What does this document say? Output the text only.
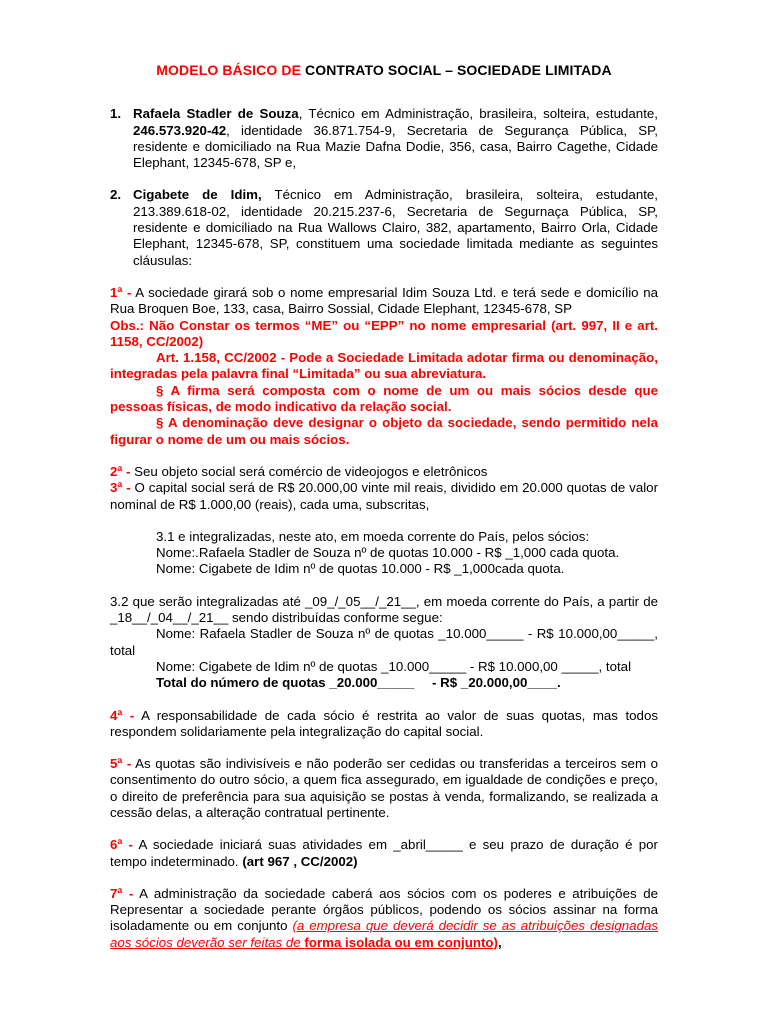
MODELO BÁSICO DE CONTRATO SOCIAL – SOCIEDADE LIMITADA
1. Rafaela Stadler de Souza, Técnico em Administração, brasileira, solteira, estudante, 246.573.920-42, identidade 36.871.754-9, Secretaria de Segurança Pública, SP, residente e domiciliado na Rua Mazie Dafna Dodie, 356, casa, Bairro Cagethe, Cidade Elephant, 12345-678, SP e,
2. Cigabete de Idim, Técnico em Administração, brasileira, solteira, estudante, 213.389.618-02, identidade 20.215.237-6, Secretaria de Segurnaça Pública, SP, residente e domiciliado na Rua Wallows Clairo, 382, apartamento, Bairro Orla, Cidade Elephant, 12345-678, SP, constituem uma sociedade limitada mediante as seguintes cláusulas:

1ª - A sociedade girará sob o nome empresarial Idim Souza Ltd. e terá sede e domicílio na Rua Broquen Boe, 133, casa, Bairro Sossial, Cidade Elephant, 12345-678, SP

Obs.: Não Constar os termos “ME” ou “EPP” no nome empresarial (art. 997, II e art. 1158, CC/2002)

Art. 1.158, CC/2002 - Pode a Sociedade Limitada adotar firma ou denominação, integradas pela palavra final “Limitada” ou sua abreviatura.

§ A firma será composta com o nome de um ou mais sócios desde que pessoas físicas, de modo indicativo da relação social.

§ A denominação deve designar o objeto da sociedade, sendo permitido nela figurar o nome de um ou mais sócios.

2ª - Seu objeto social será comércio de videojogos e eletrônicos

3ª - O capital social será de R$ 20.000,00 vinte mil reais, dividido em 20.000 quotas de valor nominal de R$ 1.000,00 (reais), cada uma, subscritas,

3.1 e integralizadas, neste ato, em moeda corrente do País, pelos sócios:

Nome:.Rafaela Stadler de Souza nº de quotas 10.000 - R$ _1,000 cada quota.

Nome: Cigabete de Idim nº de quotas 10.000 - R$ _1,000cada quota.

3.2 que serão integralizadas até _09_/_05__/_21__, em moeda corrente do País, a partir de _18__/_04__/_21__ sendo distribuídas conforme segue:

Nome: Rafaela Stadler de Souza nº de quotas _10.000_____ - R$ 10.000,00_____, total

Nome: Cigabete de Idim nº de quotas _10.000_____ - R$ 10.000,00 _____, total

Total do número de quotas _20.000_____	- R$ _20.000,00____.

4ª - A responsabilidade de cada sócio é restrita ao valor de suas quotas, mas todos respondem solidariamente pela integralização do capital social.

5ª - As quotas são indivisíveis e não poderão ser cedidas ou transferidas a terceiros sem o consentimento do outro sócio, a quem fica assegurado, em igualdade de condições e preço, o direito de preferência para sua aquisição se postas à venda, formalizando, se realizada a cessão delas, a alteração contratual pertinente.

6ª - A sociedade iniciará suas atividades em _abril_____ e seu prazo de duração é por tempo indeterminado. (art 967 , CC/2002)

7ª - A administração da sociedade caberá aos sócios com os poderes e atribuições de Representar a sociedade perante órgãos públicos, podendo os sócios assinar na forma isoladamente ou em conjunto (a empresa que deverá decidir se as atribuições designadas aos sócios deverão ser feitas de forma isolada ou em conjunto),
